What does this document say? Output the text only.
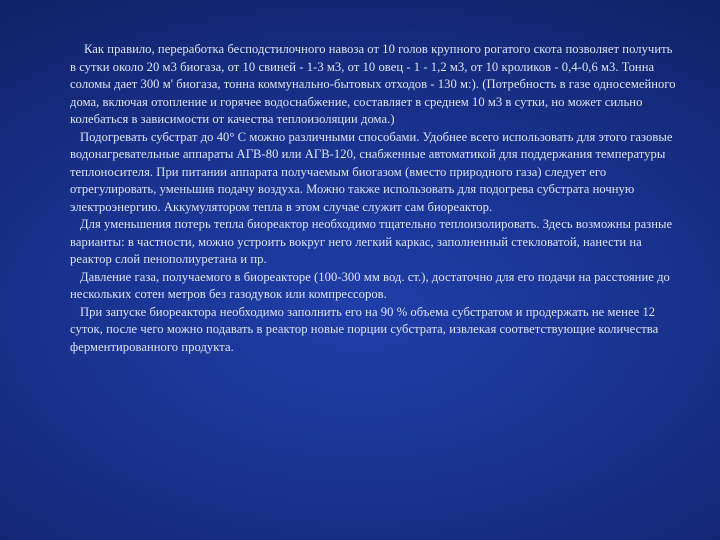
Как правило, переработка бесподстилочного навоза от 10 голов крупного рогатого скота позволяет получить в сутки около 20 м3 биогаза, от 10 свиней - 1-3 м3, от 10 овец - 1 - 1,2 м3, от 10 кроликов - 0,4-0,6 м3. Тонна соломы дает 300 м' биогаза, тонна коммунально-бытовых отходов - 130 м:). (Потребность в газе односемейного дома, включая отопление и горячее водоснабжение, составляет в среднем 10 м3 в сутки, но может сильно колебаться в зависимости от качества теплоизоляции дома.)

Подогревать субстрат до 40° С можно различными способами. Удобнее всего использовать для этого газовые водонагревательные аппараты АГВ-80 или АГВ-120, снабженные автоматикой для поддержания температуры теплоносителя. При питании аппарата получаемым биогазом (вместо природного газа) следует его отрегулировать, уменьшив подачу воздуха. Можно также использовать для подогрева субстрата ночную электроэнергию. Аккумулятором тепла в этом случае служит сам биореактор.

Для уменьшения потерь тепла биореактор необходимо тщательно теплоизолировать. Здесь возможны разные варианты: в частности, можно устроить вокруг него легкий каркас, заполненный стекловатой, нанести на реактор слой пенополиуретана и пр.

Давление газа, получаемого в биореакторе (100-300 мм вод. ст.), достаточно для его подачи на расстояние до нескольких сотен метров без газодувок или компрессоров.

При запуске биореактора необходимо заполнить его на 90 % объема субстратом и продержать не менее 12 суток, после чего можно подавать в реактор новые порции субстрата, извлекая соответствующие количества ферментированного продукта.
